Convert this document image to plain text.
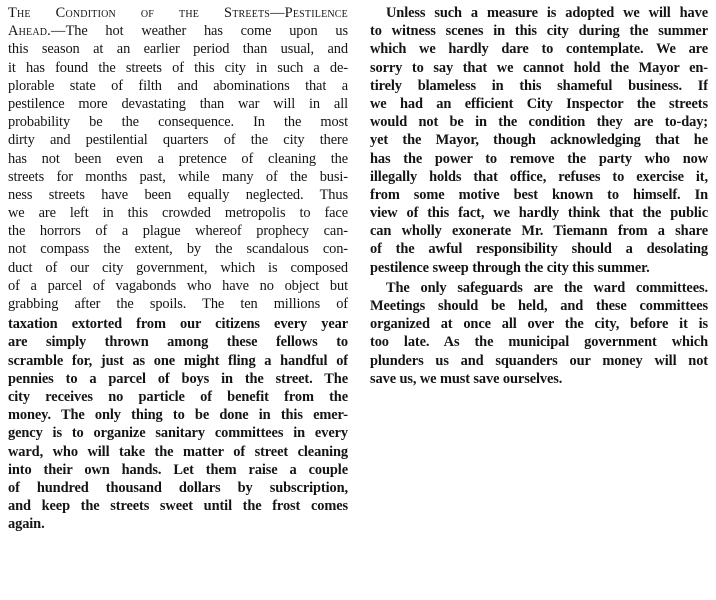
The Condition of the Streets—Pestilence
Ahead.—The hot weather has come upon us
this season at an earlier period than usual, and
it has found the streets of this city in such a de-
plorable state of filth and abominations that a
pestilence more devastating than war will in all
probability be the consequence. In the most
dirty and pestilential quarters of the city there
has not been even a pretence of cleaning the
streets for months past, while many of the busi-
ness streets have been equally neglected. Thus
we are left in this crowded metropolis to face
the horrors of a plague whereof prophecy can-
not compass the extent, by the scandalous con-
duct of our city government, which is composed
of a parcel of vagabonds who have no object but
grabbing after the spoils. The ten millions of
taxation extorted from our citizens every year
are simply thrown among these fellows to
scramble for, just as one might fling a handful of
pennies to a parcel of boys in the street. The
city receives no particle of benefit from the
money. The only thing to be done in this emer-
gency is to organize sanitary committees in every
ward, who will take the matter of street cleaning
into their own hands. Let them raise a couple
of hundred thousand dollars by subscription,
and keep the streets sweet until the frost comes
again.
Unless such a measure is adopted we will have
to witness scenes in this city during the summer
which we hardly dare to contemplate. We are
sorry to say that we cannot hold the Mayor en-
tirely blameless in this shameful business. If
we had an efficient City Inspector the streets
would not be in the condition they are to-day;
yet the Mayor, though acknowledging that he
has the power to remove the party who now
illegally holds that office, refuses to exercise it,
from some motive best known to himself. In
view of this fact, we hardly think that the public
can wholly exonerate Mr. Tiemann from a share
of the awful responsibility should a desolating
pestilence sweep through the city this summer.
The only safeguards are the ward committees.
Meetings should be held, and these committees
organized at once all over the city, before it is
too late. As the municipal government which
plunders us and squanders our money will not
save us, we must save ourselves.
